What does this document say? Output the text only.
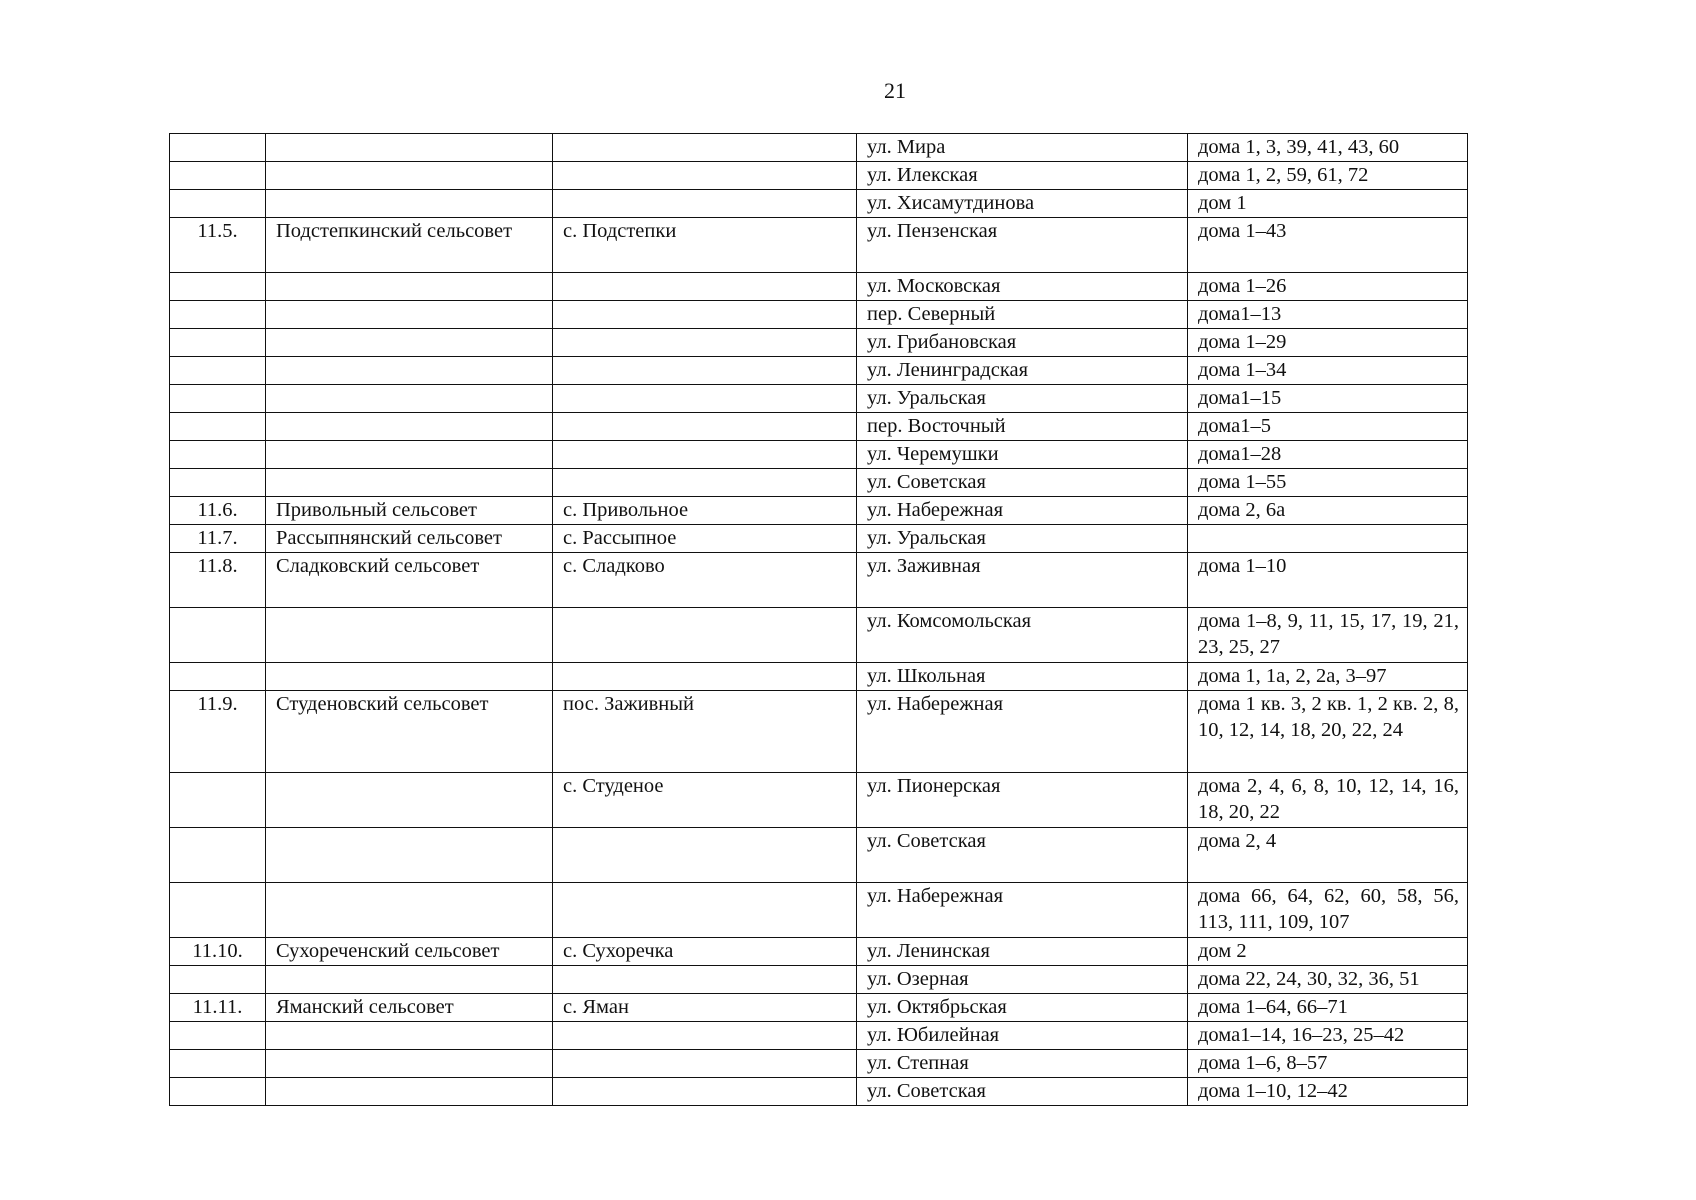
21
			ул. Мира	дома 1, 3, 39, 41, 43, 60
			ул. Илекская	дома 1, 2, 59, 61, 72
			ул. Хисамутдинова	дом 1
11.5.	Подстепкинский сельсовет	с. Подстепки	ул. Пензенская	дома 1–43
			ул. Московская	дома 1–26
			пер. Северный	дома1–13
			ул. Грибановская	дома 1–29
			ул. Ленинградская	дома 1–34
			ул. Уральская	дома1–15
			пер. Восточный	дома1–5
			ул. Черемушки	дома1–28
			ул. Советская	дома 1–55
11.6.	Привольный сельсовет	с. Привольное	ул. Набережная	дома 2, 6а
11.7.	Рассыпнянский сельсовет	с. Рассыпное	ул. Уральская	
11.8.	Сладковский сельсовет	с. Сладково	ул. Заживная	дома 1–10
			ул. Комсомольская	дома 1–8, 9, 11, 15, 17, 19, 21, 23, 25, 27
			ул. Школьная	дома 1, 1а, 2, 2а, 3–97
11.9.	Студеновский сельсовет	пос. Заживный	ул. Набережная	дома 1 кв. 3, 2 кв. 1, 2 кв. 2, 8, 10, 12, 14, 18, 20, 22, 24
		с. Студеное	ул. Пионерская	дома 2, 4, 6, 8, 10, 12, 14, 16, 18, 20, 22
			ул. Советская	дома 2, 4
			ул. Набережная	дома 66, 64, 62, 60, 58, 56, 113, 111, 109, 107
11.10.	Сухореченский сельсовет	с. Сухоречка	ул. Ленинская	дом 2
			ул. Озерная	дома 22, 24, 30, 32, 36, 51
11.11.	Яманский сельсовет	с. Яман	ул. Октябрьская	дома 1–64, 66–71
			ул. Юбилейная	дома1–14, 16–23, 25–42
			ул. Степная	дома 1–6, 8–57
			ул. Советская	дома 1–10, 12–42
